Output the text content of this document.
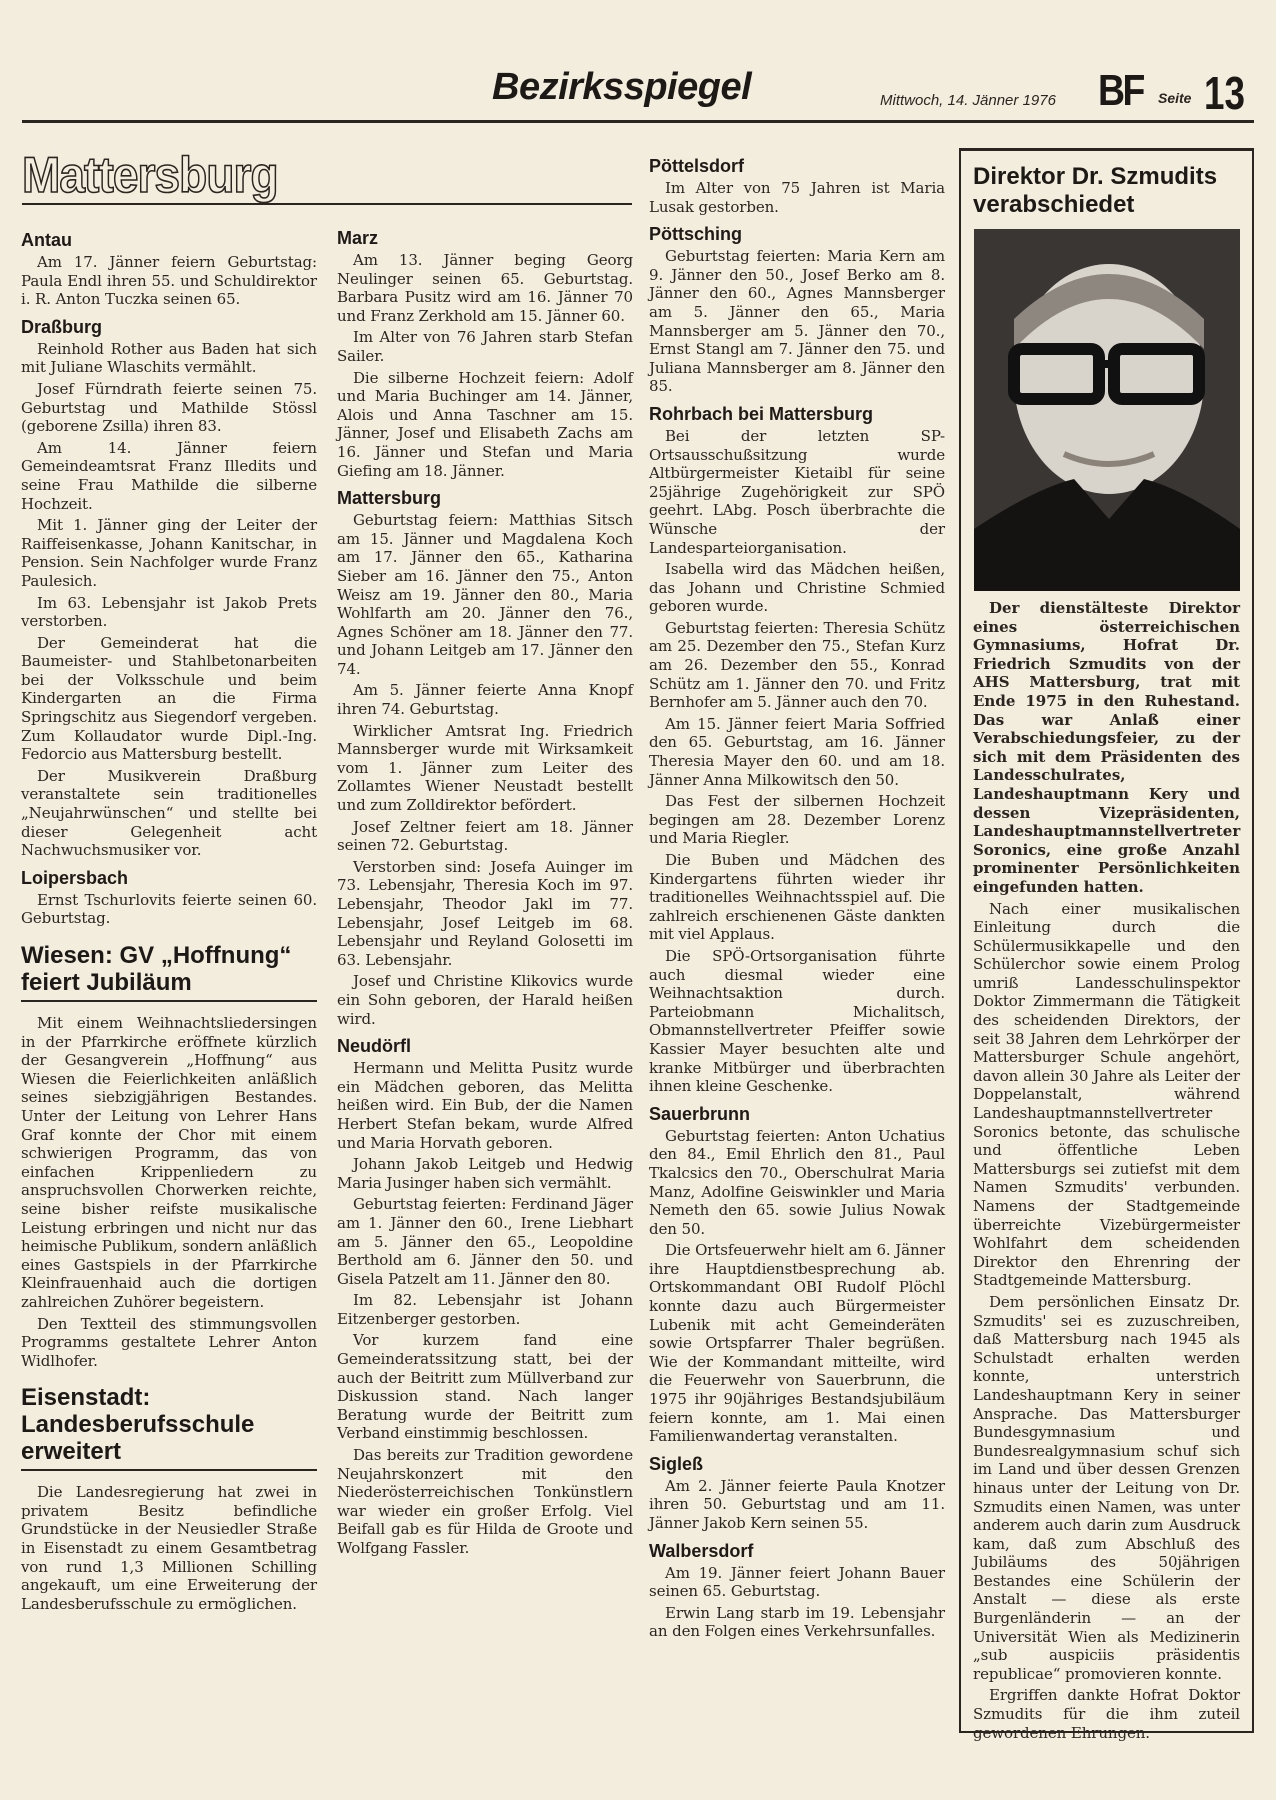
Bezirksspiegel	Mittwoch, 14. Jänner 1976 BF Seite 13
Mattersburg
Antau

Am 17. Jänner feiern Geburtstag: Paula Endl ihren 55. und Schuldirektor i. R. Anton Tuczka seinen 65.

Draßburg

Reinhold Rother aus Baden hat sich mit Juliane Wlaschits vermählt.

Josef Fürndrath feierte seinen 75. Geburtstag und Mathilde Stössl (geborene Zsilla) ihren 83.

Am 14. Jänner feiern Gemeindeamtsrat Franz Illedits und seine Frau Mathilde die silberne Hochzeit.

Mit 1. Jänner ging der Leiter der Raiffeisenkasse, Johann Kanitschar, in Pension. Sein Nachfolger wurde Franz Paulesich.

Im 63. Lebensjahr ist Jakob Prets verstorben.

Der Gemeinderat hat die Baumeister- und Stahlbetonarbeiten bei der Volksschule und beim Kindergarten an die Firma Springschitz aus Siegendorf vergeben. Zum Kollaudator wurde Dipl.-Ing. Fedorcio aus Mattersburg bestellt.

Der Musikverein Draßburg veranstaltete sein traditionelles „Neujahrwünschen“ und stellte bei dieser Gelegenheit acht Nachwuchsmusiker vor.

Loipersbach

Ernst Tschurlovits feierte seinen 60. Geburtstag.

Wiesen: GV „Hoffnung“ feiert Jubiläum

Mit einem Weihnachtsliedersingen in der Pfarrkirche eröffnete kürzlich der Gesangverein „Hoffnung“ aus Wiesen die Feierlichkeiten anläßlich seines siebzigjährigen Bestandes. Unter der Leitung von Lehrer Hans Graf konnte der Chor mit einem schwierigen Programm, das von einfachen Krippenliedern zu anspruchsvollen Chorwerken reichte, seine bisher reifste musikalische Leistung erbringen und nicht nur das heimische Publikum, sondern anläßlich eines Gastspiels in der Pfarrkirche Kleinfrauenhaid auch die dortigen zahlreichen Zuhörer begeistern.

Den Textteil des stimmungsvollen Programms gestaltete Lehrer Anton Widlhofer.

Eisenstadt: Landesberufsschule erweitert

Die Landesregierung hat zwei in privatem Besitz befindliche Grundstücke in der Neusiedler Straße in Eisenstadt zu einem Gesamtbetrag von rund 1,3 Millionen Schilling angekauft, um eine Erweiterung der Landesberufsschule zu ermöglichen.

Marz

Am 13. Jänner beging Georg Neulinger seinen 65. Geburtstag. Barbara Pusitz wird am 16. Jänner 70 und Franz Zerkhold am 15. Jänner 60.

Im Alter von 76 Jahren starb Stefan Sailer.

Die silberne Hochzeit feiern: Adolf und Maria Buchinger am 14. Jänner, Alois und Anna Taschner am 15. Jänner, Josef und Elisabeth Zachs am 16. Jänner und Stefan und Maria Giefing am 18. Jänner.

Mattersburg

Geburtstag feiern: Matthias Sitsch am 15. Jänner und Magdalena Koch am 17. Jänner den 65., Katharina Sieber am 16. Jänner den 75., Anton Weisz am 19. Jänner den 80., Maria Wohlfarth am 20. Jänner den 76., Agnes Schöner am 18. Jänner den 77. und Johann Leitgeb am 17. Jänner den 74.

Am 5. Jänner feierte Anna Knopf ihren 74. Geburtstag.

Wirklicher Amtsrat Ing. Friedrich Mannsberger wurde mit Wirksamkeit vom 1. Jänner zum Leiter des Zollamtes Wiener Neustadt bestellt und zum Zolldirektor befördert.

Josef Zeltner feiert am 18. Jänner seinen 72. Geburtstag.

Verstorben sind: Josefa Auinger im 73. Lebensjahr, Theresia Koch im 97. Lebensjahr, Theodor Jakl im 77. Lebensjahr, Josef Leitgeb im 68. Lebensjahr und Reyland Golosetti im 63. Lebensjahr.

Josef und Christine Klikovics wurde ein Sohn geboren, der Harald heißen wird.

Neudörfl

Hermann und Melitta Pusitz wurde ein Mädchen geboren, das Melitta heißen wird. Ein Bub, der die Namen Herbert Stefan bekam, wurde Alfred und Maria Horvath geboren.

Johann Jakob Leitgeb und Hedwig Maria Jusinger haben sich vermählt.

Geburtstag feierten: Ferdinand Jäger am 1. Jänner den 60., Irene Liebhart am 5. Jänner den 65., Leopoldine Berthold am 6. Jänner den 50. und Gisela Patzelt am 11. Jänner den 80.

Im 82. Lebensjahr ist Johann Eitzenberger gestorben.

Vor kurzem fand eine Gemeinderatssitzung statt, bei der auch der Beitritt zum Müllverband zur Diskussion stand. Nach langer Beratung wurde der Beitritt zum Verband einstimmig beschlossen.

Das bereits zur Tradition gewordene Neujahrskonzert mit den Niederösterreichischen Tonkünstlern war wieder ein großer Erfolg. Viel Beifall gab es für Hilda de Groote und Wolfgang Fassler.

Pöttelsdorf

Im Alter von 75 Jahren ist Maria Lusak gestorben.

Pöttsching

Geburtstag feierten: Maria Kern am 9. Jänner den 50., Josef Berko am 8. Jänner den 60., Agnes Mannsberger am 5. Jänner den 65., Maria Mannsberger am 5. Jänner den 70., Ernst Stangl am 7. Jänner den 75. und Juliana Mannsberger am 8. Jänner den 85.

Rohrbach bei Mattersburg

Bei der letzten SP-Ortsausschußsitzung wurde Altbürgermeister Kietaibl für seine 25jährige Zugehörigkeit zur SPÖ geehrt. LAbg. Posch überbrachte die Wünsche der Landesparteiorganisation.

Isabella wird das Mädchen heißen, das Johann und Christine Schmied geboren wurde.

Geburtstag feierten: Theresia Schütz am 25. Dezember den 75., Stefan Kurz am 26. Dezember den 55., Konrad Schütz am 1. Jänner den 70. und Fritz Bernhofer am 5. Jänner auch den 70.

Am 15. Jänner feiert Maria Soffried den 65. Geburtstag, am 16. Jänner Theresia Mayer den 60. und am 18. Jänner Anna Milkowitsch den 50.

Das Fest der silbernen Hochzeit begingen am 28. Dezember Lorenz und Maria Riegler.

Die Buben und Mädchen des Kindergartens führten wieder ihr traditionelles Weihnachtsspiel auf. Die zahlreich erschienenen Gäste dankten mit viel Applaus.

Die SPÖ-Ortsorganisation führte auch diesmal wieder eine Weihnachtsaktion durch. Parteiobmann Michalitsch, Obmannstellvertreter Pfeiffer sowie Kassier Mayer besuchten alte und kranke Mitbürger und überbrachten ihnen kleine Geschenke.

Sauerbrunn

Geburtstag feierten: Anton Uchatius den 84., Emil Ehrlich den 81., Paul Tkalcsics den 70., Oberschulrat Maria Manz, Adolfine Geiswinkler und Maria Nemeth den 65. sowie Julius Nowak den 50.

Die Ortsfeuerwehr hielt am 6. Jänner ihre Hauptdienstbesprechung ab. Ortskommandant OBI Rudolf Plöchl konnte dazu auch Bürgermeister Lubenik mit acht Gemeinderäten sowie Ortspfarrer Thaler begrüßen. Wie der Kommandant mitteilte, wird die Feuerwehr von Sauerbrunn, die 1975 ihr 90jähriges Bestandsjubiläum feiern konnte, am 1. Mai einen Familienwandertag veranstalten.

Sigleß

Am 2. Jänner feierte Paula Knotzer ihren 50. Geburtstag und am 11. Jänner Jakob Kern seinen 55.

Walbersdorf

Am 19. Jänner feiert Johann Bauer seinen 65. Geburtstag.

Erwin Lang starb im 19. Lebensjahr an den Folgen eines Verkehrsunfalles.

Direktor Dr. Szmudits verabschiedet

Der dienstälteste Direktor eines österreichischen Gymnasiums, Hofrat Dr. Friedrich Szmudits von der AHS Mattersburg, trat mit Ende 1975 in den Ruhestand. Das war Anlaß einer Verabschiedungsfeier, zu der sich mit dem Präsidenten des Landesschulrates, Landeshauptmann Kery und dessen Vizepräsidenten, Landeshauptmannstellvertreter Soronics, eine große Anzahl prominenter Persönlichkeiten eingefunden hatten.

Nach einer musikalischen Einleitung durch die Schülermusikkapelle und den Schülerchor sowie einem Prolog umriß Landesschulinspektor Doktor Zimmermann die Tätigkeit des scheidenden Direktors, der seit 38 Jahren dem Lehrkörper der Mattersburger Schule angehört, davon allein 30 Jahre als Leiter der Doppelanstalt, während Landeshauptmannstellvertreter Soronics betonte, das schulische und öffentliche Leben Mattersburgs sei zutiefst mit dem Namen Szmudits' verbunden. Namens der Stadtgemeinde überreichte Vizebürgermeister Wohlfahrt dem scheidenden Direktor den Ehrenring der Stadtgemeinde Mattersburg.

Dem persönlichen Einsatz Dr. Szmudits' sei es zuzuschreiben, daß Mattersburg nach 1945 als Schulstadt erhalten werden konnte, unterstrich Landeshauptmann Kery in seiner Ansprache. Das Mattersburger Bundesgymnasium und Bundesrealgymnasium schuf sich im Land und über dessen Grenzen hinaus unter der Leitung von Dr. Szmudits einen Namen, was unter anderem auch darin zum Ausdruck kam, daß zum Abschluß des Jubiläums des 50jährigen Bestandes eine Schülerin der Anstalt — diese als erste Burgenländerin — an der Universität Wien als Medizinerin „sub auspiciis präsidentis republicae“ promovieren konnte.

Ergriffen dankte Hofrat Doktor Szmudits für die ihm zuteil gewordenen Ehrungen.
